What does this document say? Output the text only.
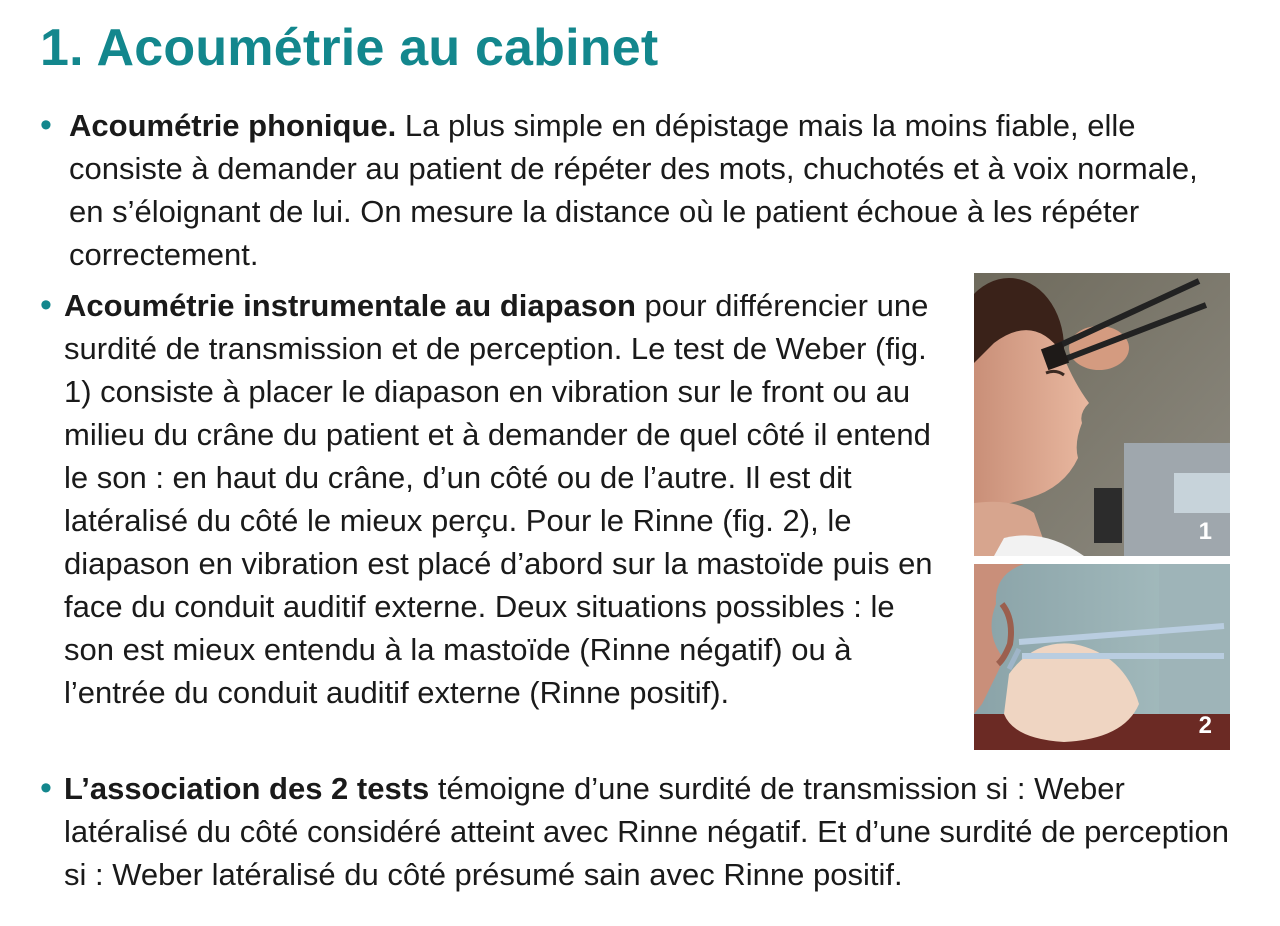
1. Acoumétrie au cabinet
• Acoumétrie phonique. La plus simple en dépistage mais la moins fiable, elle consiste à demander au patient de répéter des mots, chuchotés et à voix normale, en s’éloignant de lui. On mesure la distance où le patient échoue à les répéter correctement.

• Acoumétrie instrumentale au diapason pour différencier une surdité de transmission et de perception. Le test de Weber (fig. 1) consiste à placer le diapason en vibration sur le front ou au milieu du crâne du patient et à demander de quel côté il entend le son : en haut du crâne, d’un côté ou de l’autre. Il est dit latéralisé du côté le mieux perçu. Pour le Rinne (fig. 2), le diapason en vibration est placé d’abord sur la mastoïde puis en face du conduit auditif externe. Deux situations possibles : le son est mieux entendu à la mastoïde (Rinne négatif) ou à l’entrée du conduit auditif externe (Rinne positif).

1
2
• L’association des 2 tests témoigne d’une surdité de transmission si : Weber latéralisé du côté considéré atteint avec Rinne négatif. Et d’une surdité de perception si : Weber latéralisé du côté présumé sain avec Rinne positif.
